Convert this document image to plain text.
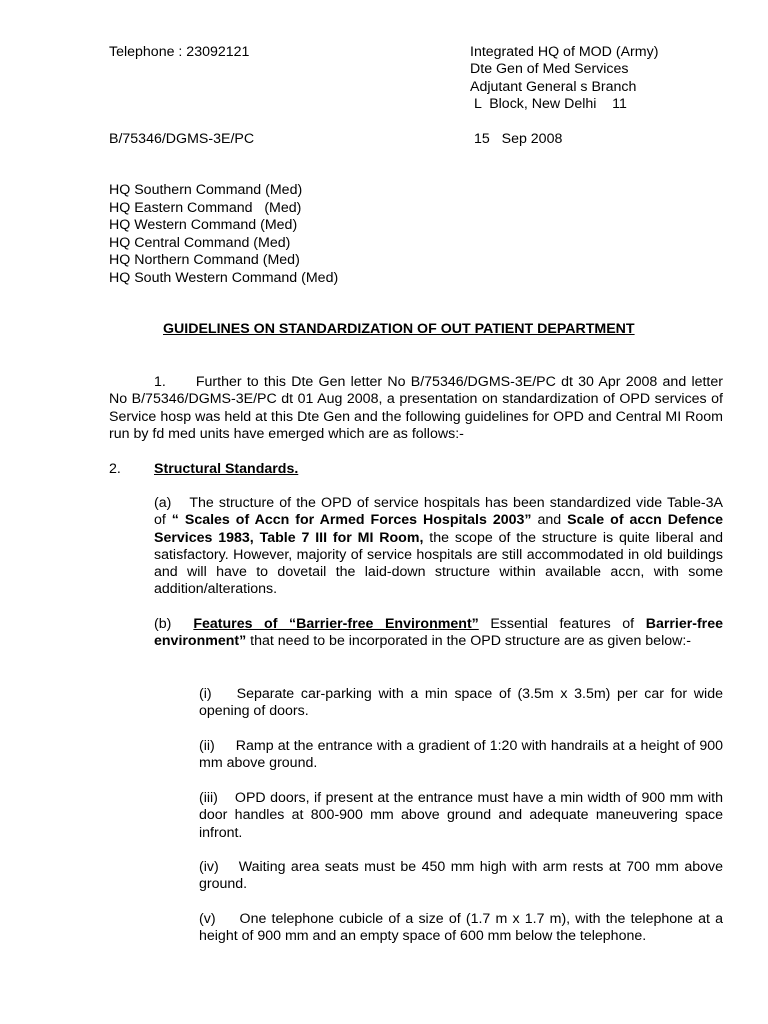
Telephone : 23092121	Integrated HQ of MOD (Army)
Dte Gen of Med Services
Adjutant General s Branch
L  Block, New Delhi    11
B/75346/DGMS-3E/PC	15   Sep 2008
HQ Southern Command (Med)
HQ Eastern Command   (Med)
HQ Western Command (Med)
HQ Central Command (Med)
HQ Northern Command (Med)
HQ South Western Command (Med)
GUIDELINES ON STANDARDIZATION OF OUT PATIENT DEPARTMENT
1. Further to this Dte Gen letter No B/75346/DGMS-3E/PC dt 30 Apr 2008 and letter No B/75346/DGMS-3E/PC dt 01 Aug 2008, a presentation on standardization of OPD services of Service hosp was held at this Dte Gen and the following guidelines for OPD and Central MI Room run by fd med units have emerged which are as follows:-
2. Structural Standards.
(a) The structure of the OPD of service hospitals has been standardized vide Table-3A of “ Scales of Accn for Armed Forces Hospitals 2003” and Scale of accn Defence Services 1983, Table 7 III for MI Room, the scope of the structure is quite liberal and satisfactory. However, majority of service hospitals are still accommodated in old buildings and will have to dovetail the laid-down structure within available accn, with some addition/alterations.
(b) Features of “Barrier-free Environment” Essential features of Barrier-free environment” that need to be incorporated in the OPD structure are as given below:-
(i) Separate car-parking with a min space of (3.5m x 3.5m) per car for wide opening of doors.
(ii) Ramp at the entrance with a gradient of 1:20 with handrails at a height of 900 mm above ground.
(iii) OPD doors, if present at the entrance must have a min width of 900 mm with door handles at 800-900 mm above ground and adequate maneuvering space infront.
(iv) Waiting area seats must be 450 mm high with arm rests at 700 mm above ground.
(v) One telephone cubicle of a size of (1.7 m x 1.7 m), with the telephone at a height of 900 mm and an empty space of 600 mm below the telephone.
